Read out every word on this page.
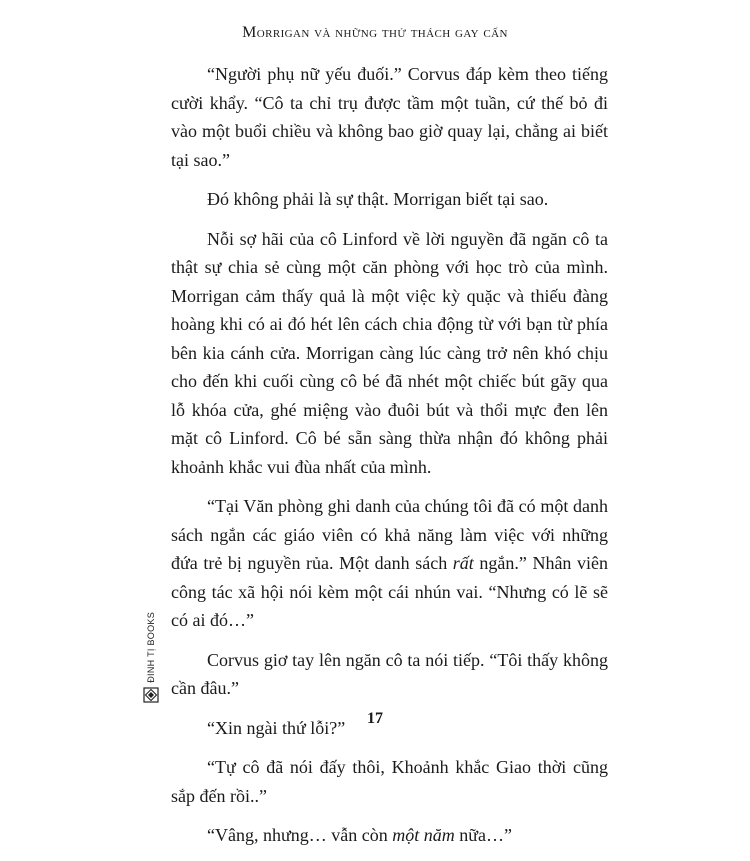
Morrigan và những thử thách gay cấn

“Người phụ nữ yếu đuối.” Corvus đáp kèm theo tiếng cười khẩy. “Cô ta chỉ trụ được tầm một tuần, cứ thế bỏ đi vào một buổi chiều và không bao giờ quay lại, chẳng ai biết tại sao.”

Đó không phải là sự thật. Morrigan biết tại sao.

Nỗi sợ hãi của cô Linford về lời nguyền đã ngăn cô ta thật sự chia sẻ cùng một căn phòng với học trò của mình. Morrigan cảm thấy quả là một việc kỳ quặc và thiếu đàng hoàng khi có ai đó hét lên cách chia động từ với bạn từ phía bên kia cánh cửa. Morrigan càng lúc càng trở nên khó chịu cho đến khi cuối cùng cô bé đã nhét một chiếc bút gãy qua lỗ khóa cửa, ghé miệng vào đuôi bút và thổi mực đen lên mặt cô Linford. Cô bé sẵn sàng thừa nhận đó không phải khoảnh khắc vui đùa nhất của mình.

“Tại Văn phòng ghi danh của chúng tôi đã có một danh sách ngắn các giáo viên có khả năng làm việc với những đứa trẻ bị nguyền rủa. Một danh sách rất ngắn.” Nhân viên công tác xã hội nói kèm một cái nhún vai. “Nhưng có lẽ sẽ có ai đó…”

Corvus giơ tay lên ngăn cô ta nói tiếp. “Tôi thấy không cần đâu.”

“Xin ngài thứ lỗi?”

“Tự cô đã nói đấy thôi, Khoảnh khắc Giao thời cũng sắp đến rồi..”

“Vâng, nhưng… vẫn còn một năm nữa…”

ĐINH TỊ BOOKS
17
